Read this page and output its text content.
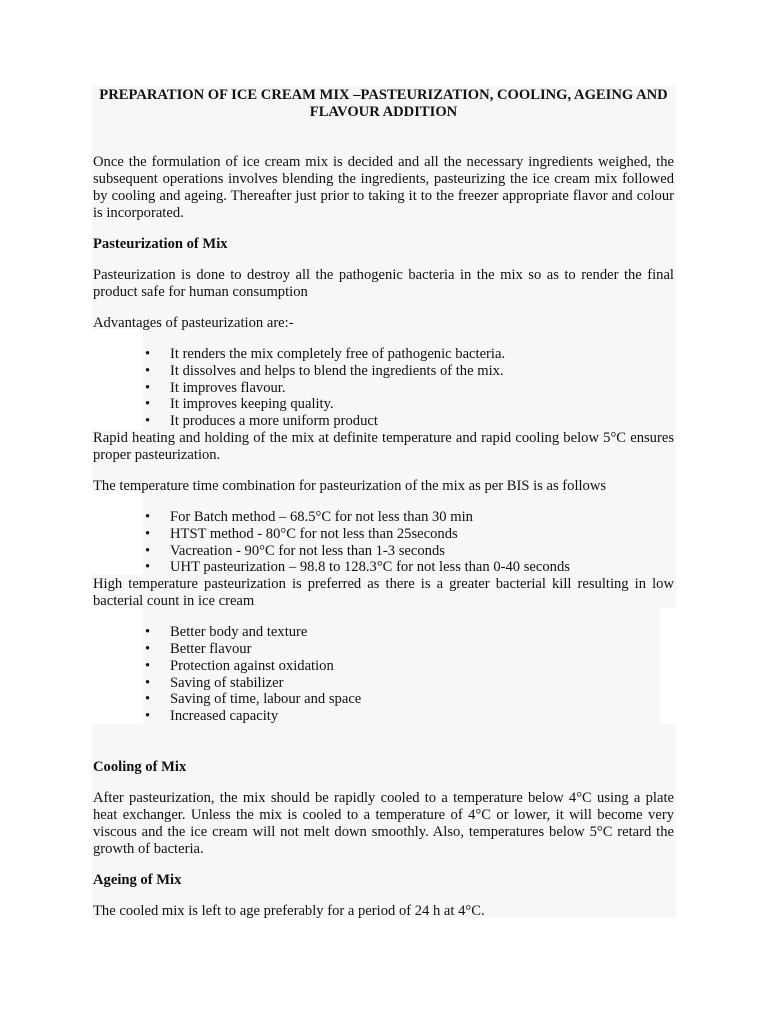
PREPARATION OF ICE CREAM MIX –PASTEURIZATION, COOLING, AGEING AND FLAVOUR ADDITION

Once the formulation of ice cream mix is decided and all the necessary ingredients weighed, the subsequent operations involves blending the ingredients, pasteurizing the ice cream mix followed by cooling and ageing. Thereafter just prior to taking it to the freezer appropriate flavor and colour is incorporated.

Pasteurization of Mix

Pasteurization is done to destroy all the pathogenic bacteria in the mix so as to render the final product safe for human consumption

Advantages of pasteurization are:-

• It renders the mix completely free of pathogenic bacteria.
• It dissolves and helps to blend the ingredients of the mix.
• It improves flavour.
• It improves keeping quality.
• It produces a more uniform product

Rapid heating and holding of the mix at definite temperature and rapid cooling below 5°C ensures proper pasteurization.

The temperature time combination for pasteurization of the mix as per BIS is as follows

• For Batch method – 68.5°C for not less than 30 min
• HTST method - 80°C for not less than 25seconds
• Vacreation - 90°C for not less than 1-3 seconds
• UHT pasteurization – 98.8 to 128.3°C for not less than 0-40 seconds

High temperature pasteurization is preferred as there is a greater bacterial kill resulting in low bacterial count in ice cream

• Better body and texture
• Better flavour
• Protection against oxidation
• Saving of stabilizer
• Saving of time, labour and space
• Increased capacity
Cooling of Mix

After pasteurization, the mix should be rapidly cooled to a temperature below 4°C using a plate heat exchanger. Unless the mix is cooled to a temperature of 4°C or lower, it will become very viscous and the ice cream will not melt down smoothly. Also, temperatures below 5°C retard the growth of bacteria.

Ageing of Mix

The cooled mix is left to age preferably for a period of 24 h at 4°C.
